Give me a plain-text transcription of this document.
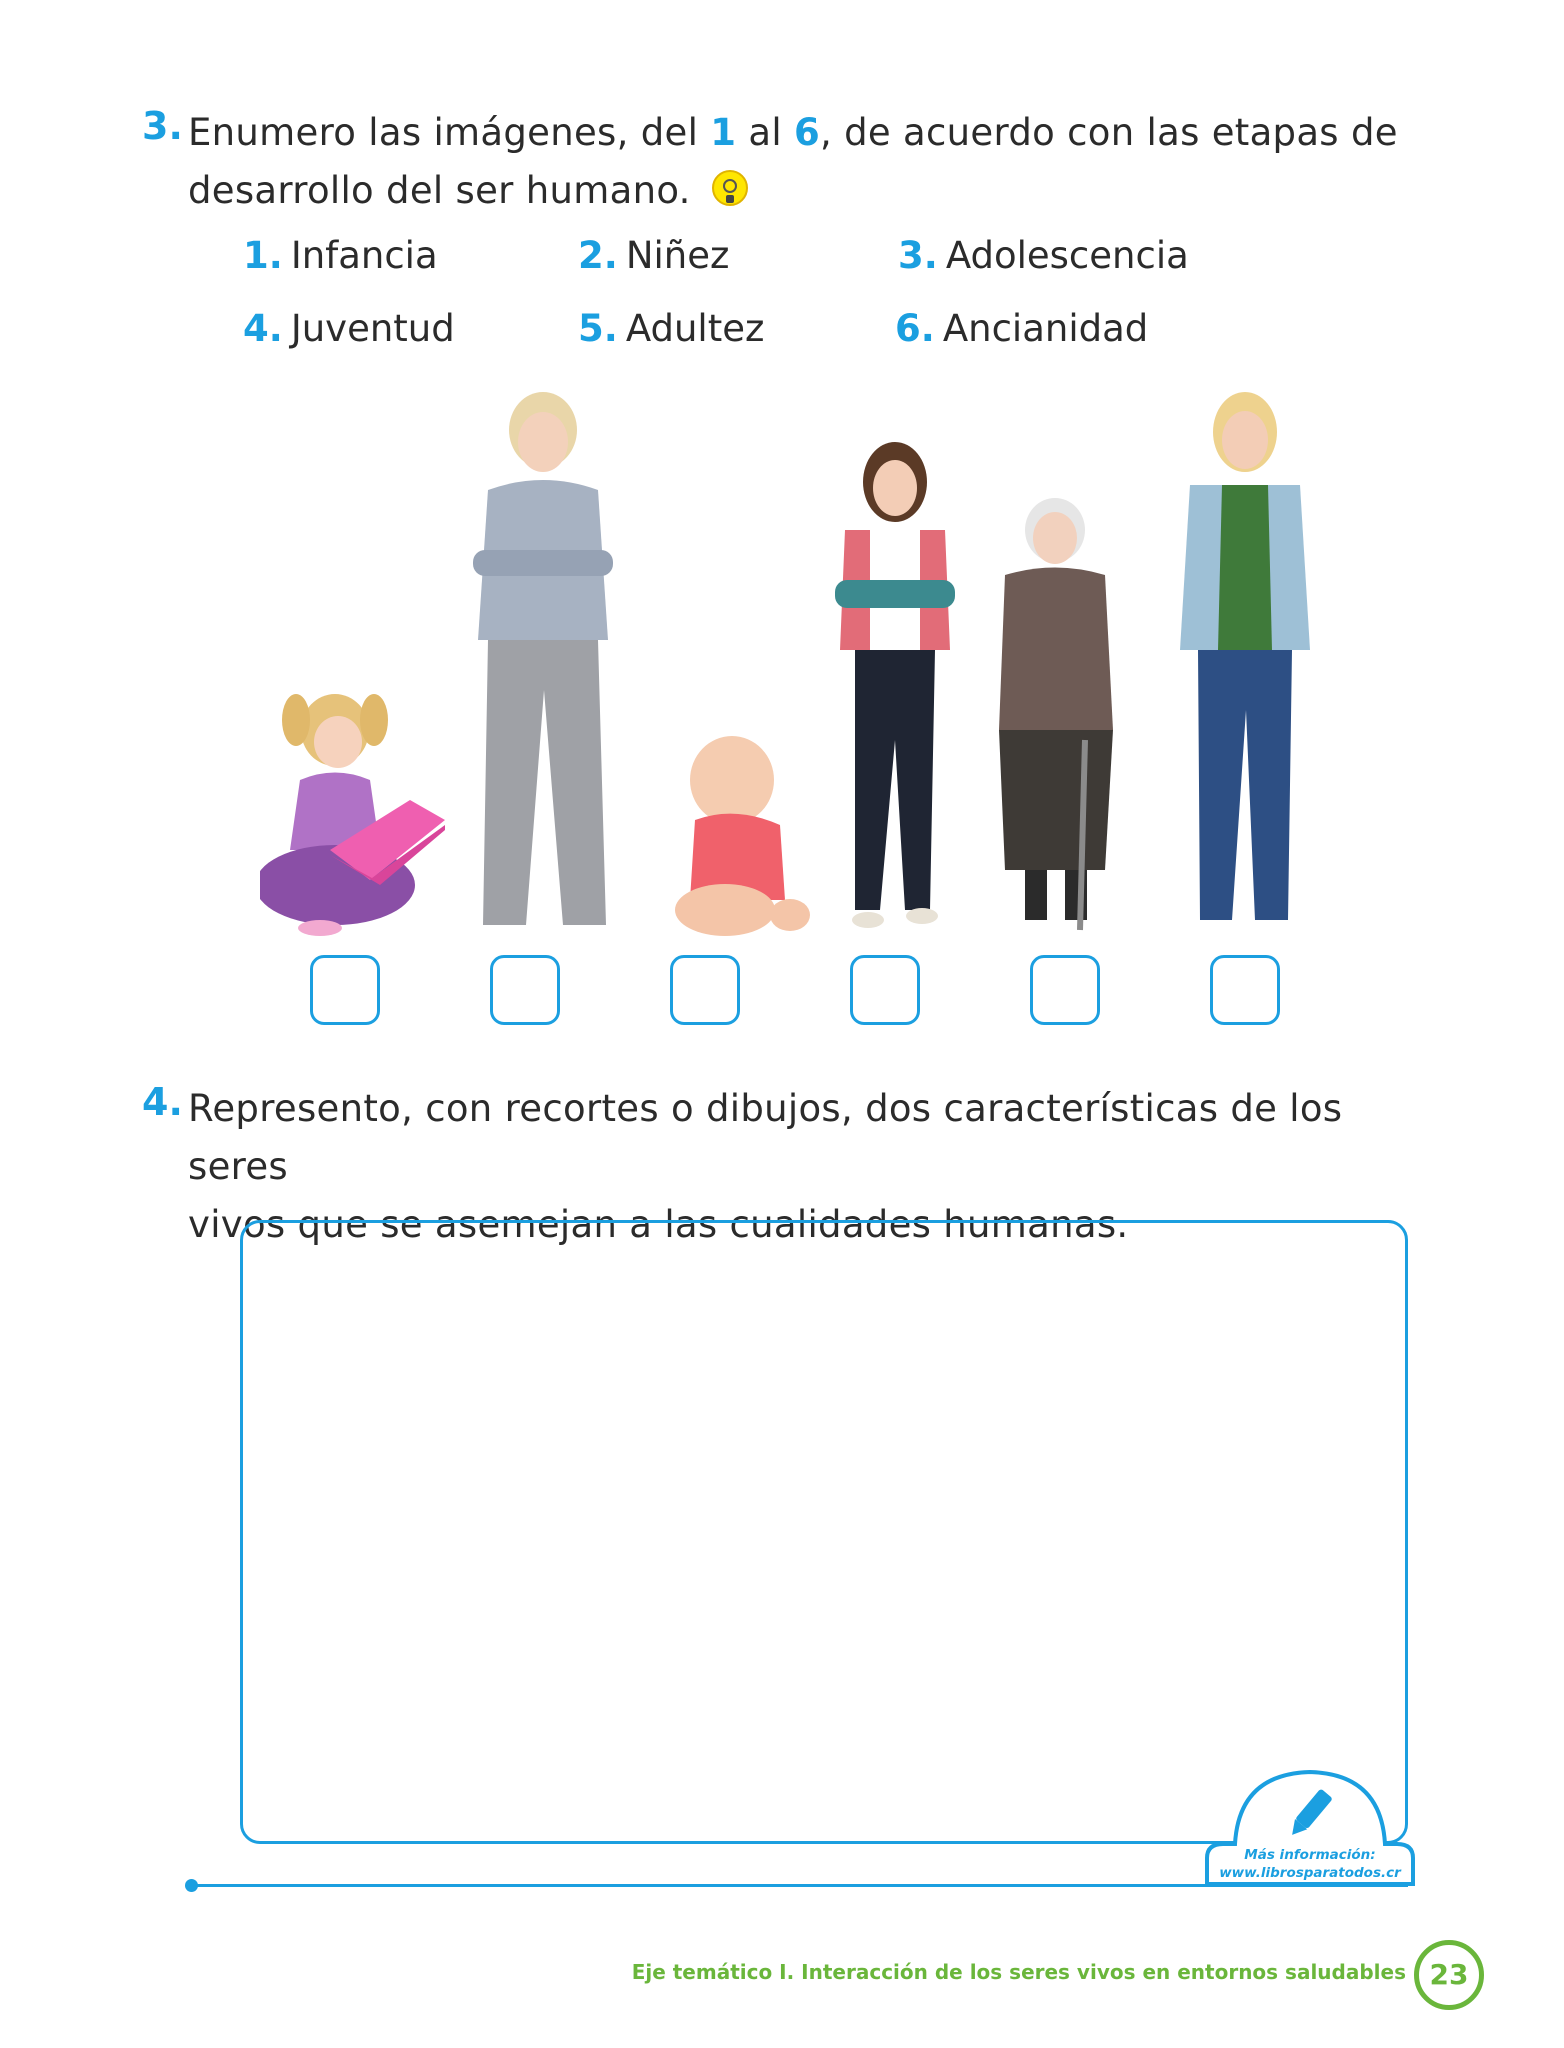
3. Enumero las imágenes, del 1 al 6, de acuerdo con las etapas de
desarrollo del ser humano.
1. Infancia	2. Niñez	3. Adolescencia
4. Juventud	5. Adultez	6. Ancianidad
4. Represento, con recortes o dibujos, dos características de los seres
vivos que se asemejan a las cualidades humanas.
Más información:
www.librosparatodos.cr
Eje temático I. Interacción de los seres vivos en entornos saludables 23
